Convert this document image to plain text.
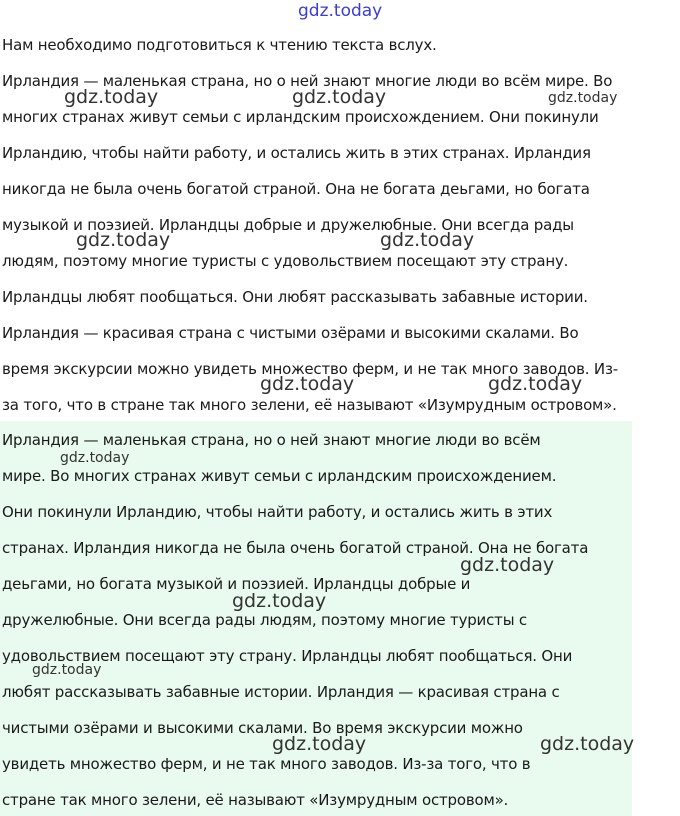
Нам необходимо подготовиться к чтению текста вслух.
Ирландия — маленькая страна, но о ней знают многие люди во всём мире. Во
многих странах живут семьи с ирландским происхождением. Они покинули
Ирландию, чтобы найти работу, и остались жить в этих странах. Ирландия
никогда не была очень богатой страной. Она не богата деьгами, но богата
музыкой и поэзией. Ирландцы добрые и дружелюбные. Они всегда рады
людям, поэтому многие туристы с удовольствием посещают эту страну.
Ирландцы любят пообщаться. Они любят рассказывать забавные истории.
Ирландия — красивая страна с чистыми озёрами и высокими скалами. Во
время экскурсии можно увидеть множество ферм, и не так много заводов. Из-
за того, что в стране так много зелени, её называют «Изумрудным островом».
Ирландия — маленькая страна, но о ней знают многие люди во всём
мире. Во многих странах живут семьи с ирландским происхождением.
Они покинули Ирландию, чтобы найти работу, и остались жить в этих
странах. Ирландия никогда не была очень богатой страной. Она не богата
деьгами, но богата музыкой и поэзией. Ирландцы добрые и
дружелюбные. Они всегда рады людям, поэтому многие туристы с
удовольствием посещают эту страну. Ирландцы любят пообщаться. Они
любят рассказывать забавные истории. Ирландия — красивая страна с
чистыми озёрами и высокими скалами. Во время экскурсии можно
увидеть множество ферм, и не так много заводов. Из-за того, что в
стране так много зелени, её называют «Изумрудным островом».
gdz.today
gdz.today	gdz.today	gdz.today
gdz.today	gdz.today
gdz.today	gdz.today
gdz.today
gdz.today
gdz.today
gdz.today
gdz.today	gdz.today
